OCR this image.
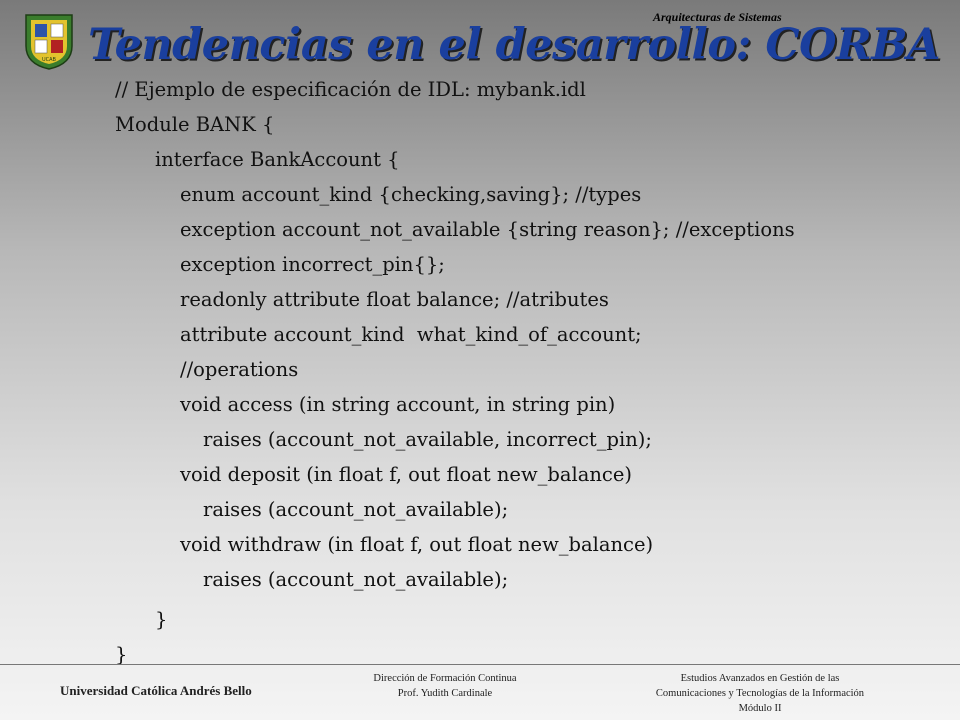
UCAB
Arquitecturas de Sistemas
Tendencias en el desarrollo: CORBA
// Ejemplo de especificación de IDL: mybank.idl
Module BANK {
interface BankAccount {
enum account_kind {checking,saving}; //types
exception account_not_available {string reason}; //exceptions
exception incorrect_pin{};
readonly attribute float balance; //atributes
attribute account_kind  what_kind_of_account;
//operations
void access (in string account, in string pin)
raises (account_not_available, incorrect_pin);
void deposit (in float f, out float new_balance)
raises (account_not_available);
void withdraw (in float f, out float new_balance)
raises (account_not_available);
}
}
Universidad Católica Andrés Bello
Dirección de Formación Continua
Prof. Yudith Cardinale
Estudios Avanzados en Gestión de las
Comunicaciones y Tecnologías de la Información
Módulo II
